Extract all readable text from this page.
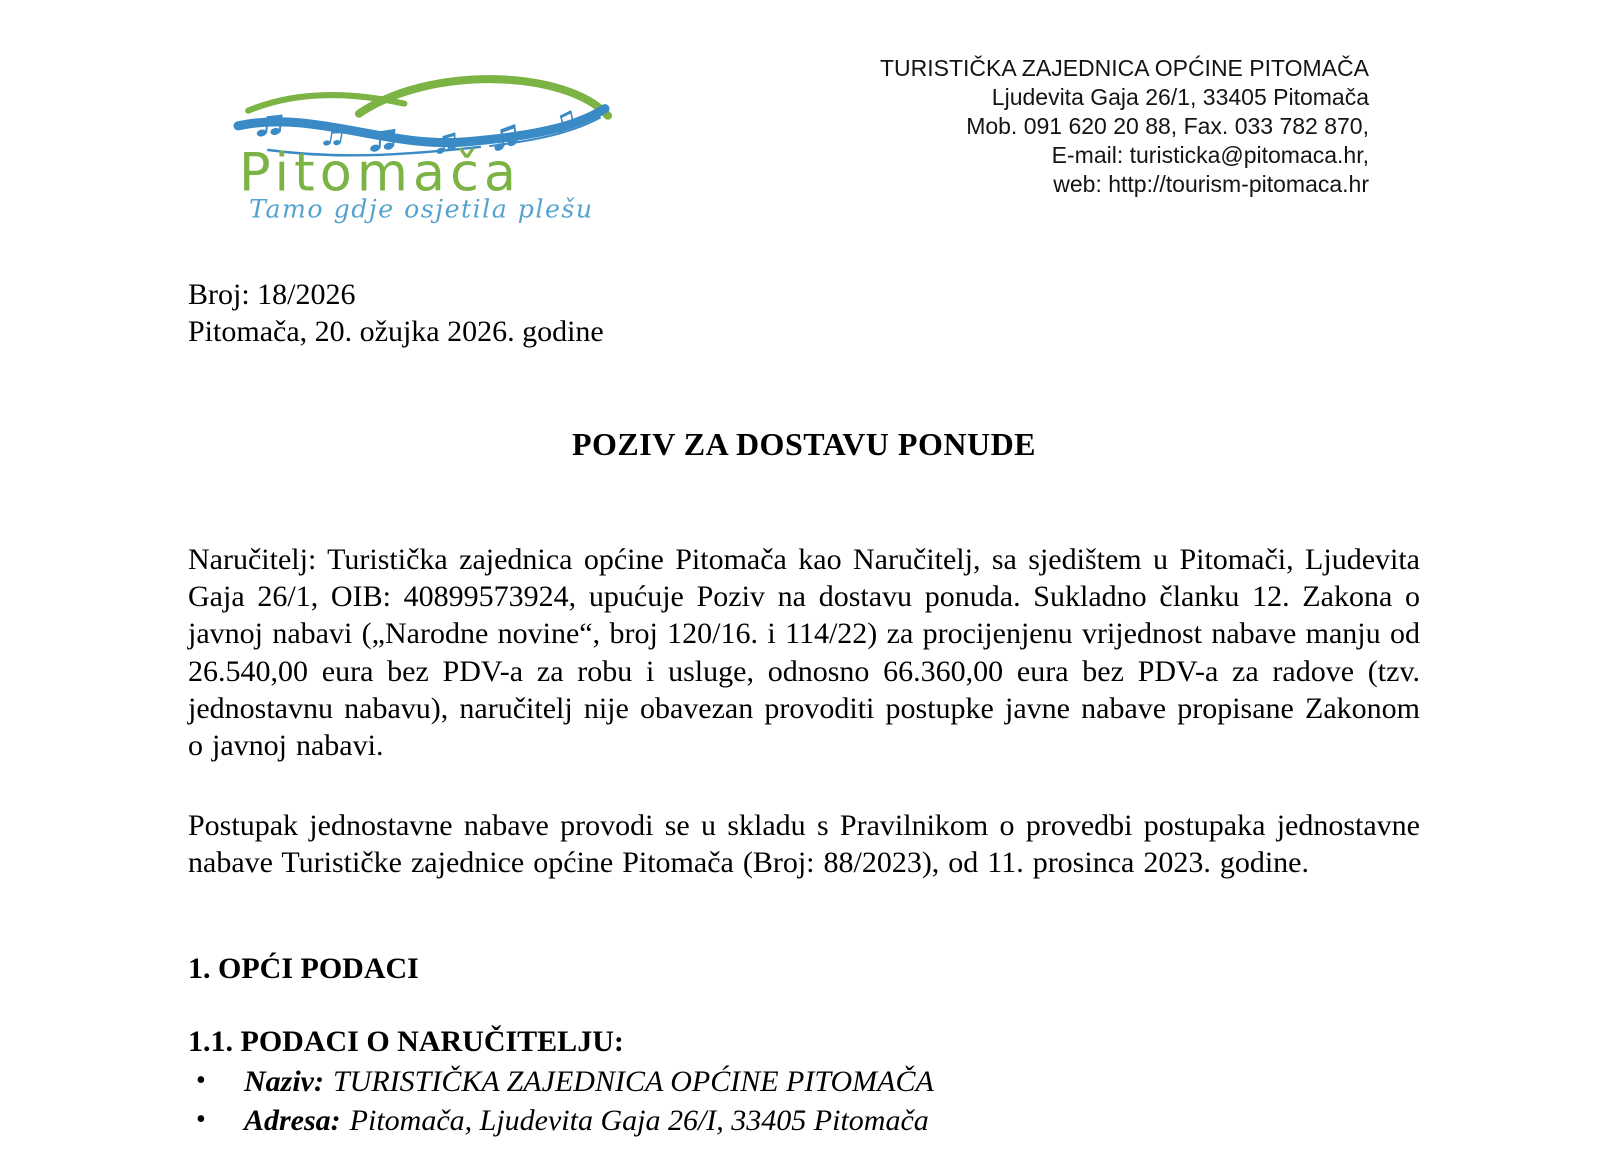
Pitomača
Tamo gdje osjetila plešu
TURISTIČKA ZAJEDNICA OPĆINE PITOMAČA
Ljudevita Gaja 26/1, 33405 Pitomača
Mob. 091 620 20 88, Fax. 033 782 870,
E-mail: turisticka@pitomaca.hr,
web: http://tourism-pitomaca.hr
Broj: 18/2026
Pitomača, 20. ožujka 2026. godine
POZIV ZA DOSTAVU PONUDE
Naručitelj: Turistička zajednica općine Pitomača kao Naručitelj, sa sjedištem u Pitomači, Ljudevita Gaja 26/1, OIB: 40899573924, upućuje Poziv na dostavu ponuda. Sukladno članku 12. Zakona o javnoj nabavi („Narodne novine“, broj 120/16. i 114/22) za procijenjenu vrijednost nabave manju od 26.540,00 eura bez PDV-a za robu i usluge, odnosno 66.360,00 eura bez PDV-a za radove (tzv. jednostavnu nabavu), naručitelj nije obavezan provoditi postupke javne nabave propisane Zakonom o javnoj nabavi.
Postupak jednostavne nabave provodi se u skladu s Pravilnikom o provedbi postupaka jednostavne nabave Turističke zajednice općine Pitomača (Broj: 88/2023), od 11. prosinca 2023. godine.
1. OPĆI PODACI
1.1. PODACI O NARUČITELJU:
• Naziv: TURISTIČKA ZAJEDNICA OPĆINE PITOMAČA
• Adresa: Pitomača, Ljudevita Gaja 26/I, 33405 Pitomača
